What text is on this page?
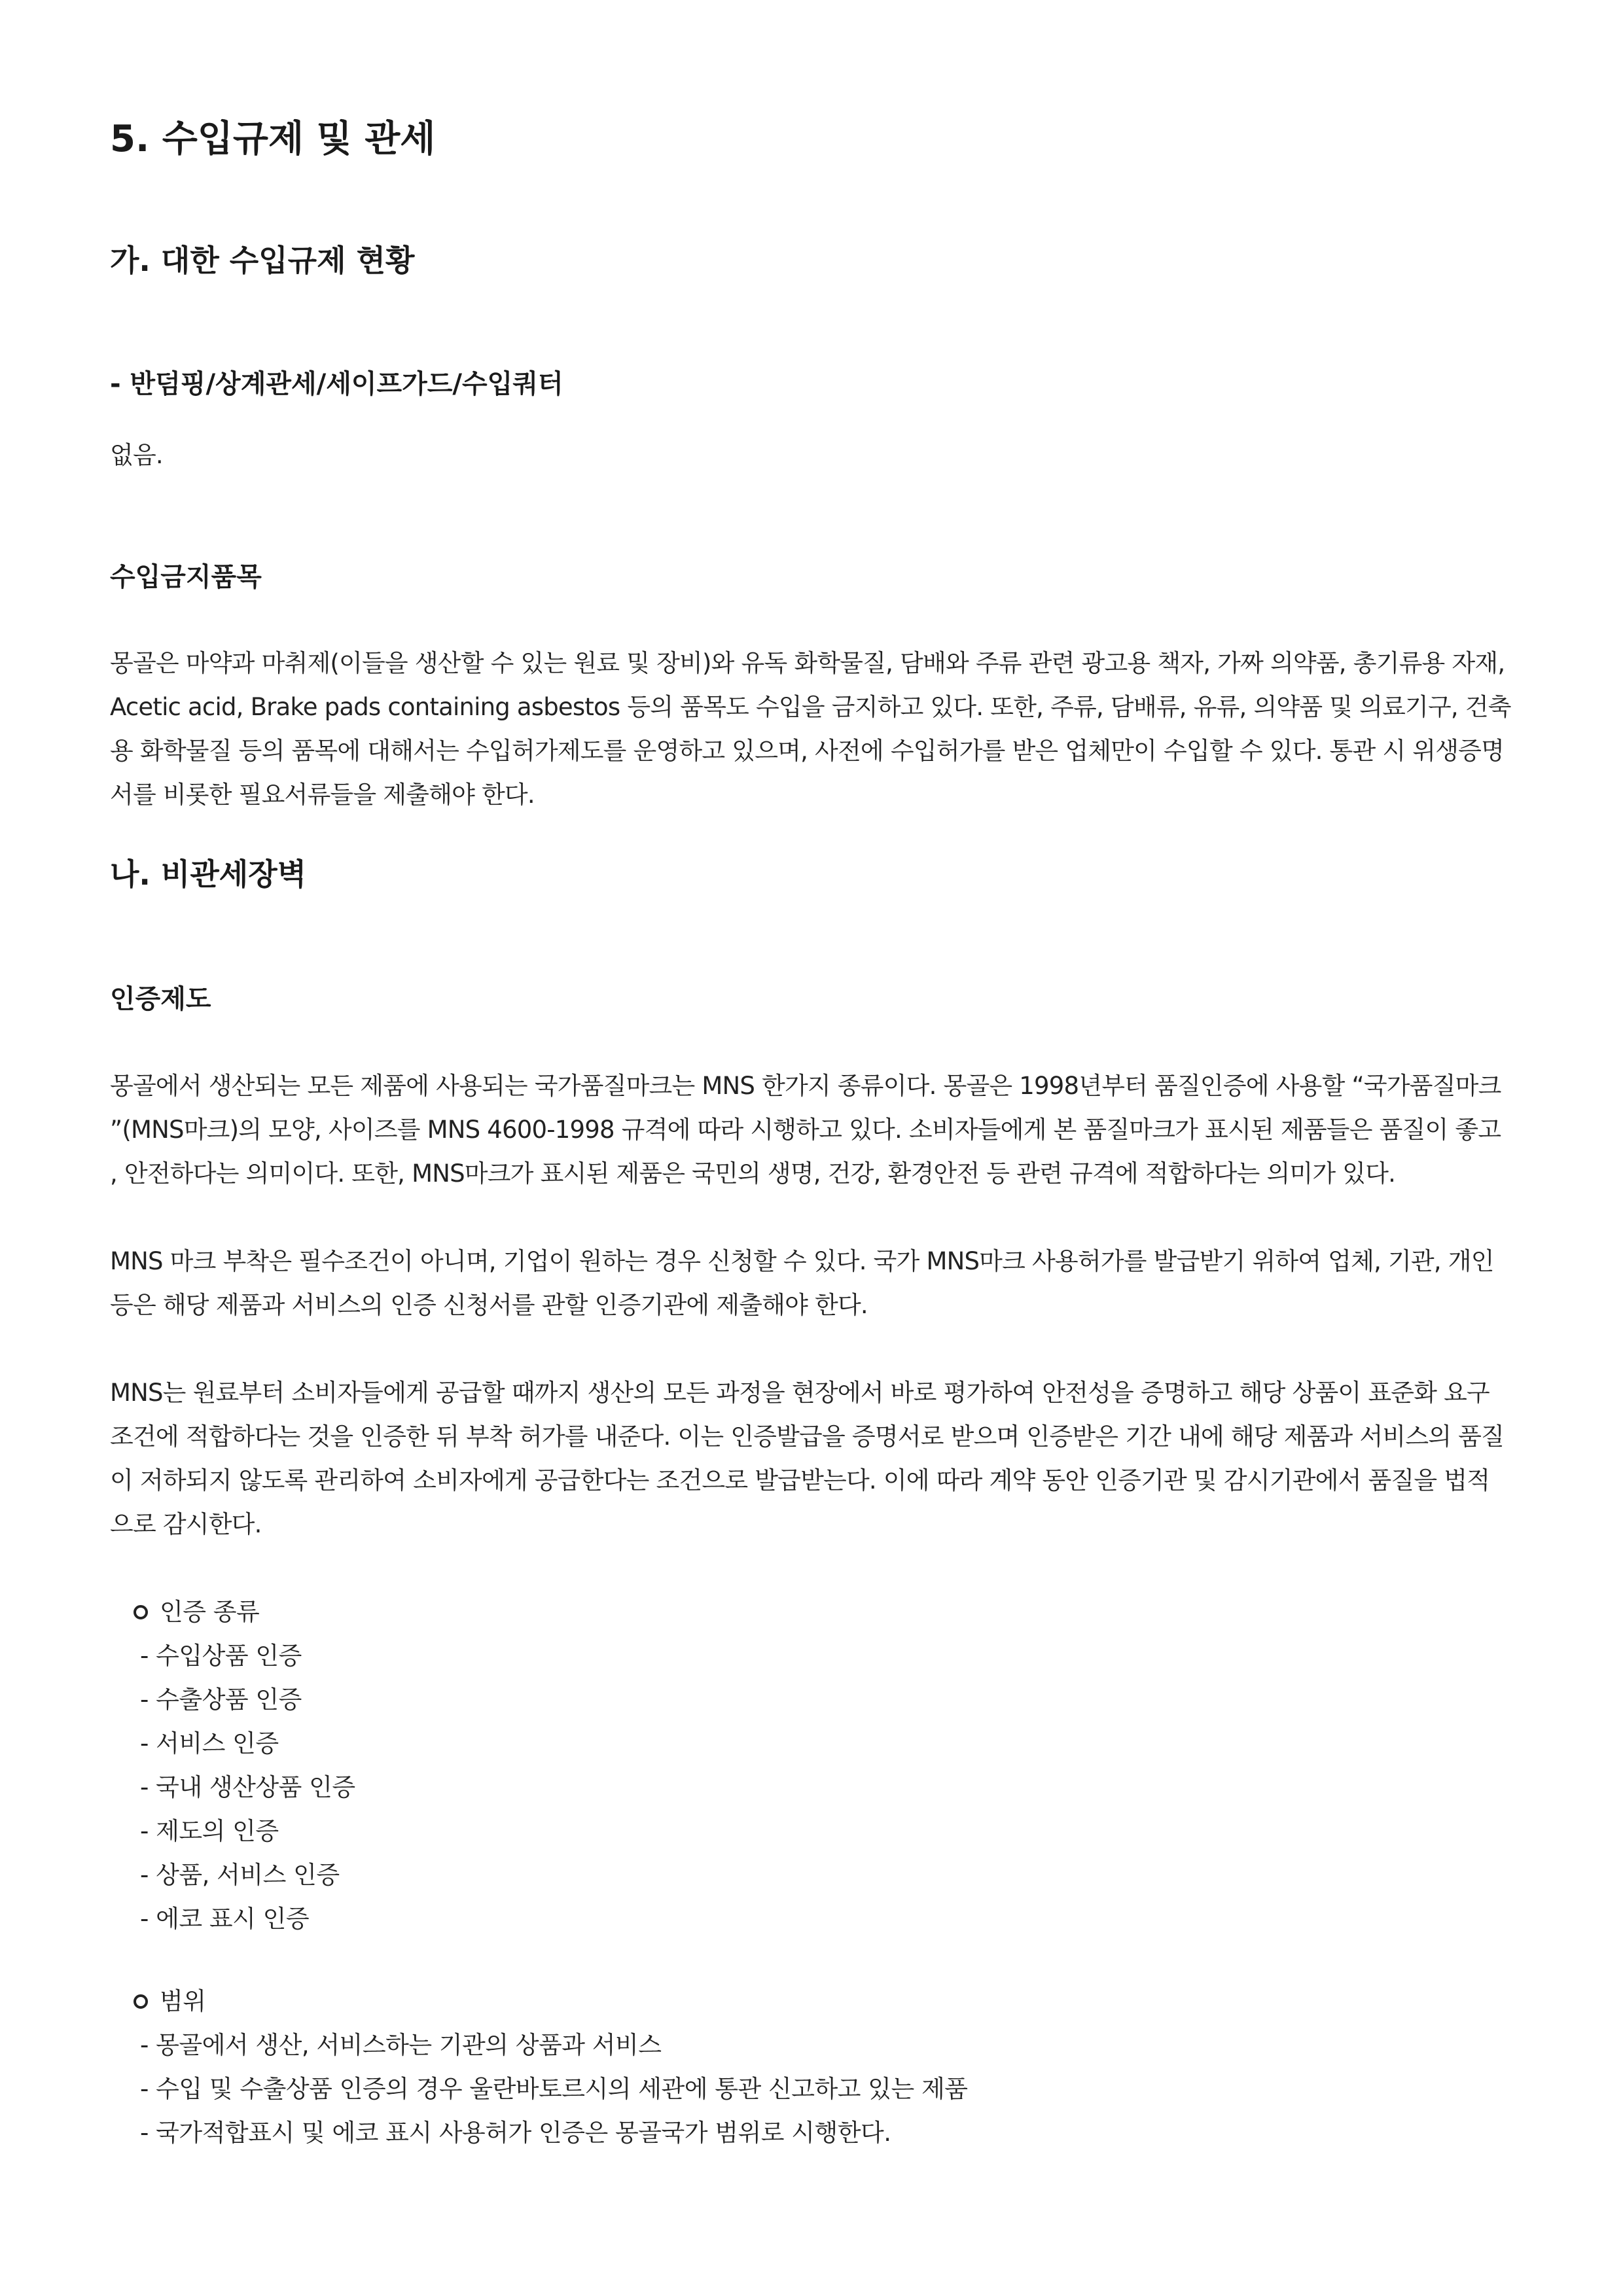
5. 수입규제 및 관세
가. 대한 수입규제 현황
- 반덤핑/상계관세/세이프가드/수입쿼터

없음.

수입금지품목

몽골은 마약과 마취제(이들을 생산할 수 있는 원료 및 장비)와 유독 화학물질, 담배와 주류 관련 광고용 책자, 가짜 의약품, 총기류용 자재,
Acetic acid, Brake pads containing asbestos 등의 품목도 수입을 금지하고 있다. 또한, 주류, 담배류, 유류, 의약품 및 의료기구, 건축
용 화학물질 등의 품목에 대해서는 수입허가제도를 운영하고 있으며, 사전에 수입허가를 받은 업체만이 수입할 수 있다. 통관 시 위생증명
서를 비롯한 필요서류들을 제출해야 한다.

나. 비관세장벽
인증제도

몽골에서 생산되는 모든 제품에 사용되는 국가품질마크는 MNS 한가지 종류이다. 몽골은 1998년부터 품질인증에 사용할 “국가품질마크
”(MNS마크)의 모양, 사이즈를 MNS 4600-1998 규격에 따라 시행하고 있다. 소비자들에게 본 품질마크가 표시된 제품들은 품질이 좋고
, 안전하다는 의미이다. 또한, MNS마크가 표시된 제품은 국민의 생명, 건강, 환경안전 등 관련 규격에 적합하다는 의미가 있다.

MNS 마크 부착은 필수조건이 아니며, 기업이 원하는 경우 신청할 수 있다. 국가 MNS마크 사용허가를 발급받기 위하여 업체, 기관, 개인
등은 해당 제품과 서비스의 인증 신청서를 관할 인증기관에 제출해야 한다.

MNS는 원료부터 소비자들에게 공급할 때까지 생산의 모든 과정을 현장에서 바로 평가하여 안전성을 증명하고 해당 상품이 표준화 요구
조건에 적합하다는 것을 인증한 뒤 부착 허가를 내준다. 이는 인증발급을 증명서로 받으며 인증받은 기간 내에 해당 제품과 서비스의 품질
이 저하되지 않도록 관리하여 소비자에게 공급한다는 조건으로 발급받는다. 이에 따라 계약 동안 인증기관 및 감시기관에서 품질을 법적
으로 감시한다.

인증 종류
- 수입상품 인증
- 수출상품 인증
- 서비스 인증
- 국내 생산상품 인증
- 제도의 인증
- 상품, 서비스 인증
- 에코 표시 인증
범위
- 몽골에서 생산, 서비스하는 기관의 상품과 서비스
- 수입 및 수출상품 인증의 경우 울란바토르시의 세관에 통관 신고하고 있는 제품
- 국가적합표시 및 에코 표시 사용허가 인증은 몽골국가 범위로 시행한다.
